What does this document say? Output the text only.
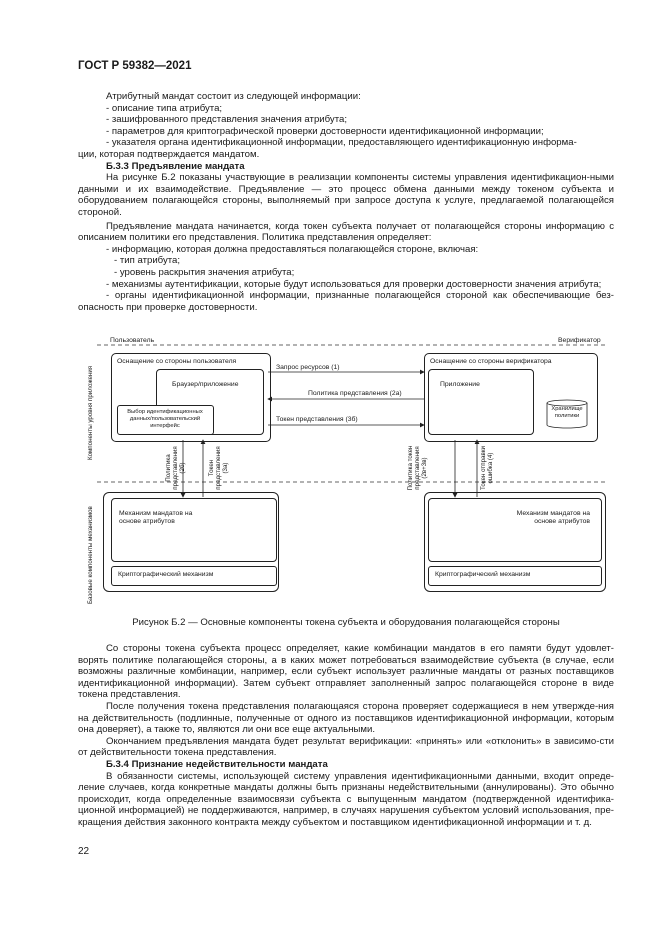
ГОСТ Р 59382—2021

Атрибутный мандат состоит из следующей информации:

- описание типа атрибута;

- зашифрованного представления значения атрибута;

- параметров для криптографической проверки достоверности идентификационной информации;

- указателя органа идентификационной информации, предоставляющего идентификационную информа-

ции, которая подтверждается мандатом.

Б.3.3 Предъявление мандата

На рисунке Б.2 показаны участвующие в реализации компоненты системы управления идентификацион-ными данными и их взаимодействие. Предъявление — это процесс обмена данными между токеном субъекта и оборудованием полагающейся стороны, выполняемый при запросе доступа к услуге, предлагаемой полагающейся стороной.

Предъявление мандата начинается, когда токен субъекта получает от полагающейся стороны информацию с описанием политики его представления. Политика представления определяет:

- информацию, которая должна предоставляться полагающейся стороне, включая:

- тип атрибута;

- уровень раскрытия значения атрибута;

- механизмы аутентификации, которые будут использоваться для проверки достоверности значения атрибута;

- органы идентификационной информации, признанные полагающейся стороной как обеспечивающие без-опасность при проверке достоверности.

Пользователь	Верификатор
Компоненты уровня приложения
Базовые компоненты механизмов
Оснащение со стороны пользователя
Браузер/приложение
Выбор идентификационных данных/пользовательский интерфейс
Оснащение со стороны верификатора
Приложение
Хранилище политики
Запрос ресурсов (1)
Политика представления (2а)
Токен представления (3б)
Политика представления (2б)	Токен представления (3а)	Политика токен представления (2в+3в)	Токен отправки ошибка (4)
Механизм мандатов на основе атрибутов
Криптографический механизм
Механизм мандатов на основе атрибутов
Криптографический механизм
Рисунок Б.2 — Основные компоненты токена субъекта и оборудования полагающейся стороны

Со стороны токена субъекта процесс определяет, какие комбинации мандатов в его памяти будут удовлет-ворять политике полагающейся стороны, а в каких может потребоваться взаимодействие субъекта (в случае, если возможны различные комбинации, например, если субъект использует различные мандаты от разных поставщиков идентификационной информации). Затем субъект отправляет заполненный запрос полагающейся стороне в виде токена представления.

После получения токена представления полагающаяся сторона проверяет содержащиеся в нем утвержде-ния на действительность (подлинные, полученные от одного из поставщиков идентификационной информации, которым она доверяет), а также то, являются ли они все еще актуальными.

Окончанием предъявления мандата будет результат верификации: «принять» или «отклонить» в зависимо-сти от действительности токена представления.

Б.3.4 Признание недействительности мандата

В обязанности системы, использующей систему управления идентификационными данными, входит опреде-ление случаев, когда конкретные мандаты должны быть признаны недействительными (аннулированы). Это обычно происходит, когда определенные взаимосвязи субъекта с выпущенным мандатом (подтвержденной идентифика-ционной информацией) не поддерживаются, например, в случаях нарушения субъектом условий использования, пре-кращения действия законного контракта между субъектом и поставщиком идентификационной информации и т. д.

22
